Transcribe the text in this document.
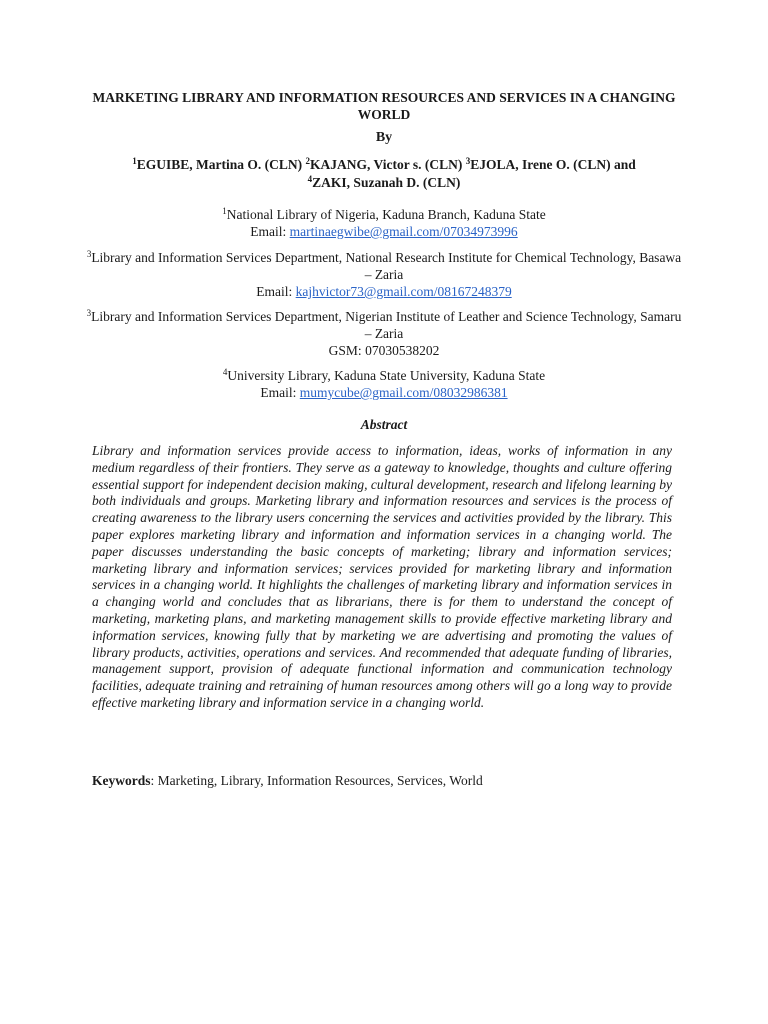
MARKETING LIBRARY AND INFORMATION RESOURCES AND SERVICES IN A CHANGING WORLD
By
$^1$EGUIBE, Martina O. (CLN) $^2$KAJANG, Victor s. (CLN) $^3$EJOLA, Irene O. (CLN) and
$^4$ZAKI, Suzanah D. (CLN)
$^1$National Library of Nigeria, Kaduna Branch, Kaduna State
Email: martinaegwibe@gmail.com/07034973996
$^3$Library and Information Services Department, National Research Institute for Chemical Technology, Basawa – Zaria
Email: kajhvictor73@gmail.com/08167248379
$^3$Library and Information Services Department, Nigerian Institute of Leather and Science Technology, Samaru – Zaria
GSM: 07030538202
$^4$University Library, Kaduna State University, Kaduna State
Email: mumycube@gmail.com/08032986381
Abstract
Library and information services provide access to information, ideas, works of information in any medium regardless of their frontiers. They serve as a gateway to knowledge, thoughts and culture offering essential support for independent decision making, cultural development, research and lifelong learning by both individuals and groups. Marketing library and information resources and services is the process of creating awareness to the library users concerning the services and activities provided by the library. This paper explores marketing library and information and information services in a changing world. The paper discusses understanding the basic concepts of marketing; library and information services; marketing library and information services; services provided for marketing library and information services in a changing world. It highlights the challenges of marketing library and information services in a changing world and concludes that as librarians, there is for them to understand the concept of marketing, marketing plans, and marketing management skills to provide effective marketing library and information services, knowing fully that by marketing we are advertising and promoting the values of library products, activities, operations and services. And recommended that adequate funding of libraries, management support, provision of adequate functional information and communication technology facilities, adequate training and retraining of human resources among others will go a long way to provide effective marketing library and information service in a changing world.
Keywords: Marketing, Library, Information Resources, Services, World
